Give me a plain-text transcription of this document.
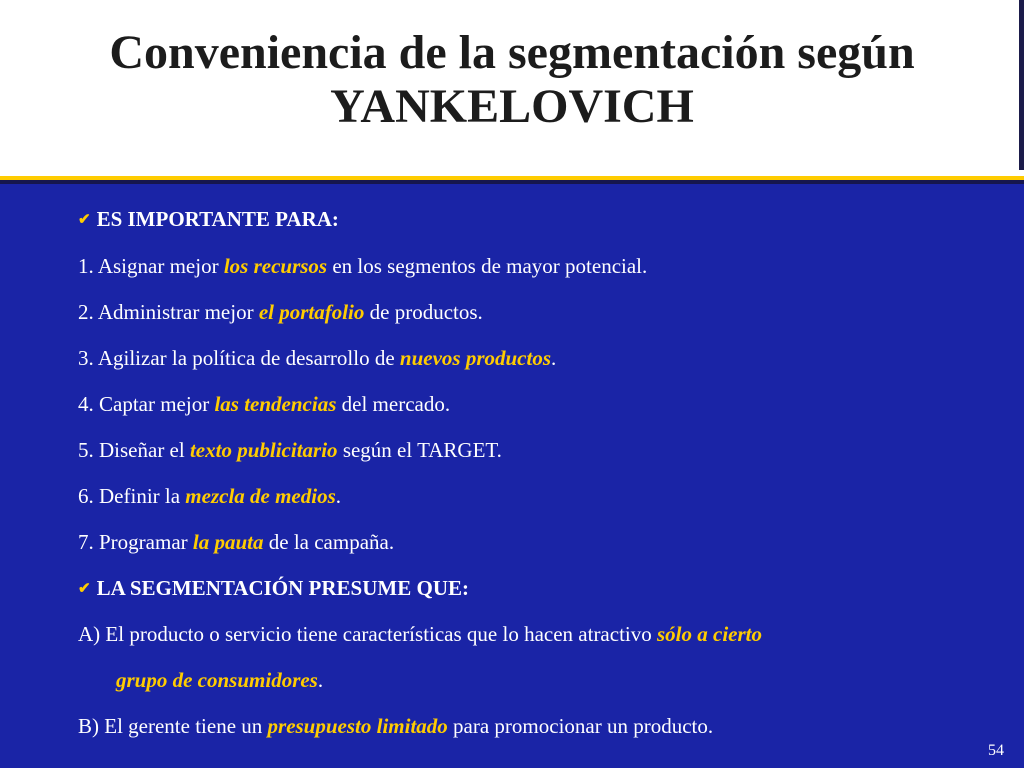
Conveniencia de la segmentación según
YANKELOVICH
✔ ES IMPORTANTE PARA:
1. Asignar mejor los recursos en los segmentos de mayor potencial.
2. Administrar mejor el portafolio de productos.
3. Agilizar la política de desarrollo de nuevos productos.
4. Captar mejor las tendencias del mercado.
5. Diseñar el texto publicitario según el TARGET.
6. Definir la mezcla de medios.
7. Programar la pauta de la campaña.
✔ LA SEGMENTACIÓN PRESUME QUE:
A) El producto o servicio tiene características que lo hacen atractivo sólo a cierto
grupo de consumidores.
B) El gerente tiene un presupuesto limitado para promocionar un producto.
54
